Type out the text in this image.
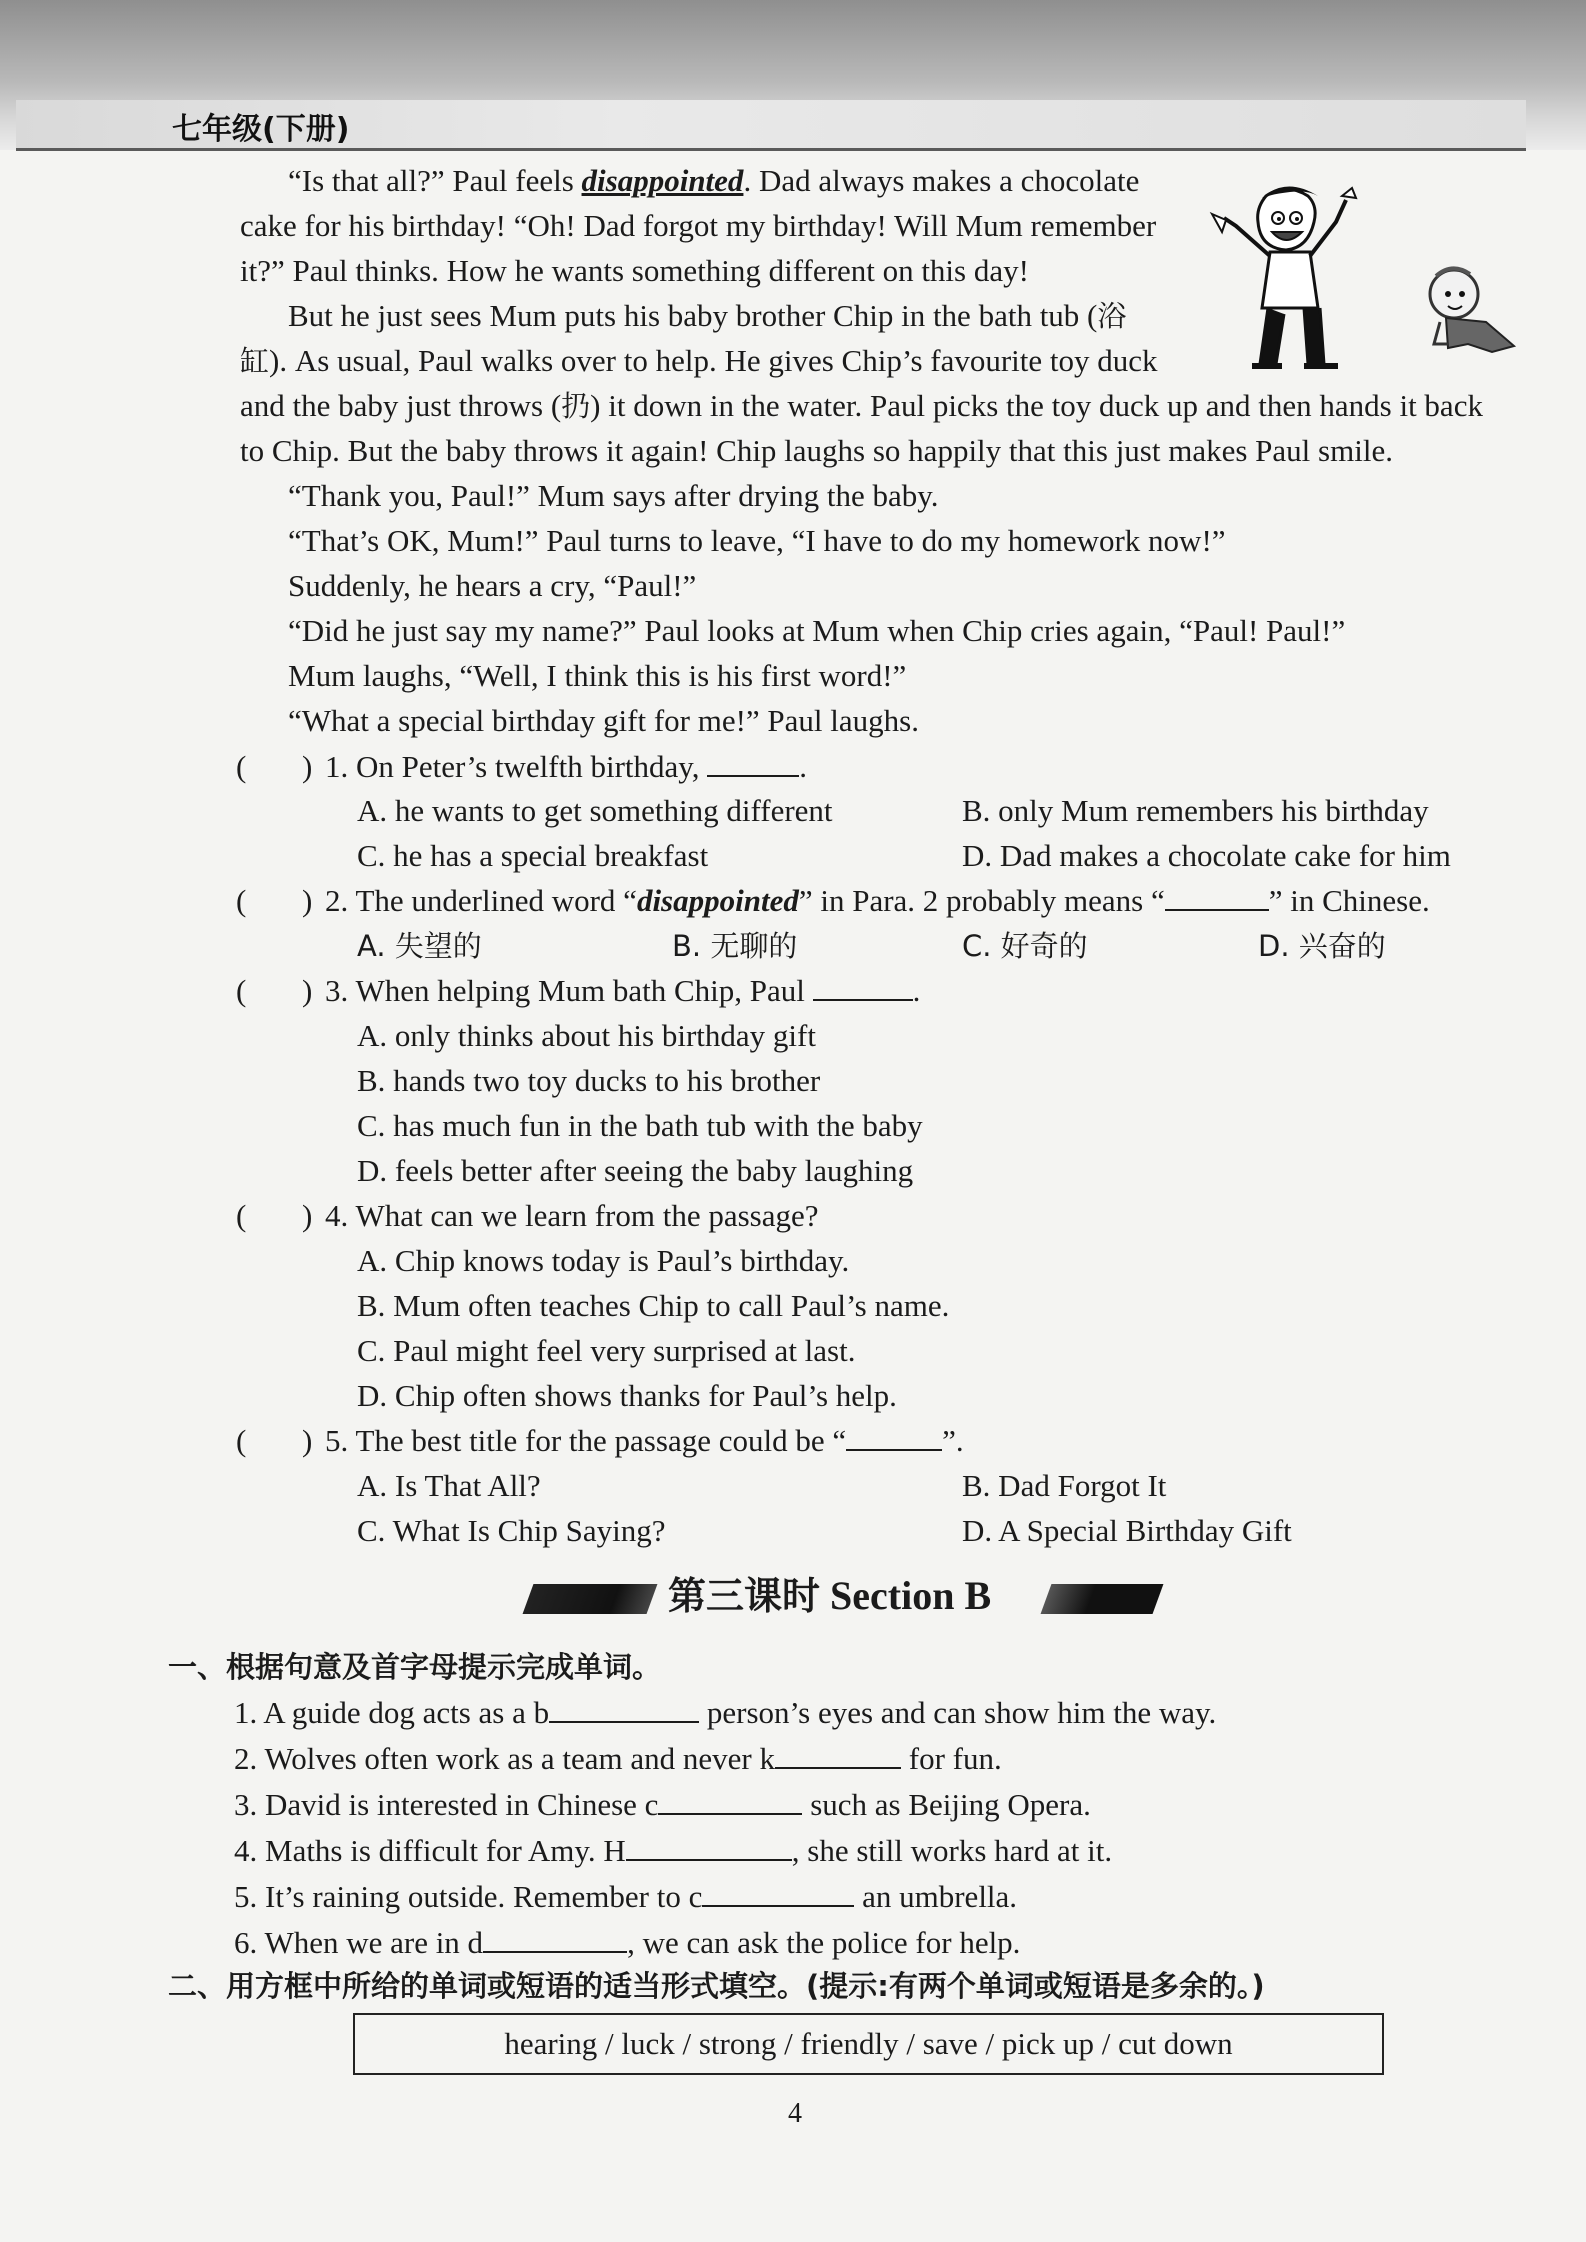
七年级(下册)
“Is that all?” Paul feels disappointed. Dad always makes a chocolate
cake for his birthday! “Oh! Dad forgot my birthday! Will Mum remember
it?” Paul thinks. How he wants something different on this day!
But he just sees Mum puts his baby brother Chip in the bath tub (浴
缸). As usual, Paul walks over to help. He gives Chip’s favourite toy duck
and the baby just throws (扔) it down in the water. Paul picks the toy duck up and then hands it back
to Chip. But the baby throws it again! Chip laughs so happily that this just makes Paul smile.
“Thank you, Paul!” Mum says after drying the baby.
“That’s OK, Mum!” Paul turns to leave, “I have to do my homework now!”
Suddenly, he hears a cry, “Paul!”
“Did he just say my name?” Paul looks at Mum when Chip cries again, “Paul! Paul!”
Mum laughs, “Well, I think this is his first word!”
“What a special birthday gift for me!” Paul laughs.
( ) 1. On Peter’s twelfth birthday,	.
A. he wants to get something different	B. only Mum remembers his birthday
C. he has a special breakfast	D. Dad makes a chocolate cake for him
( ) 2. The underlined word “disappointed” in Para. 2 probably means “	” in Chinese.
A. 失望的	B. 无聊的	C. 好奇的	D. 兴奋的
( ) 3. When helping Mum bath Chip, Paul	.
A. only thinks about his birthday gift
B. hands two toy ducks to his brother
C. has much fun in the bath tub with the baby
D. feels better after seeing the baby laughing
( ) 4. What can we learn from the passage?
A. Chip knows today is Paul’s birthday.
B. Mum often teaches Chip to call Paul’s name.
C. Paul might feel very surprised at last.
D. Chip often shows thanks for Paul’s help.
( ) 5. The best title for the passage could be “	”.
A. Is That All?	B. Dad Forgot It
C. What Is Chip Saying?	D. A Special Birthday Gift
第三课时 Section B
一、根据句意及首字母提示完成单词。
1. A guide dog acts as a b	person’s eyes and can show him the way.
2. Wolves often work as a team and never k	for fun.
3. David is interested in Chinese c	such as Beijing Opera.
4. Maths is difficult for Amy. H	, she still works hard at it.
5. It’s raining outside. Remember to c	an umbrella.
6. When we are in d	, we can ask the police for help.
二、用方框中所给的单词或短语的适当形式填空。(提示:有两个单词或短语是多余的。)
hearing / luck / strong / friendly / save / pick up / cut down
4
